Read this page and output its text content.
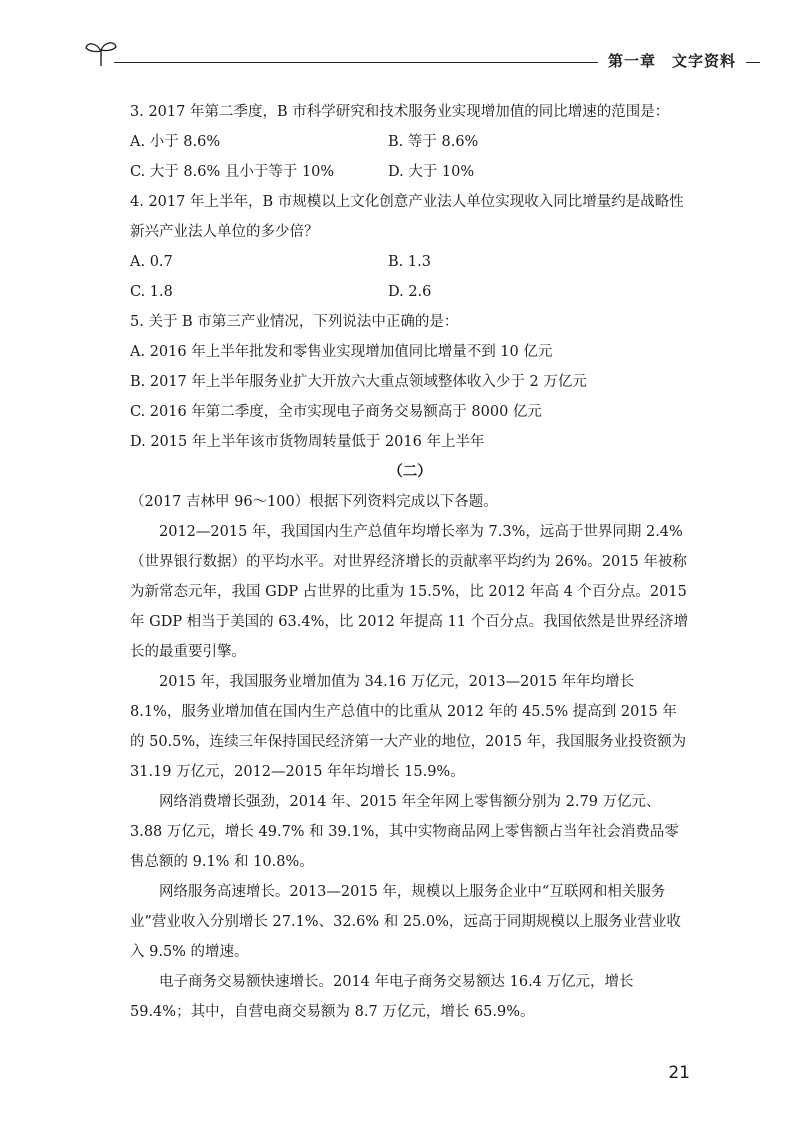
第一章　文字资料

3. 2017 年第二季度，B 市科学研究和技术服务业实现增加值的同比增速的范围是：

A. 小于 8.6%	B. 等于 8.6%
C. 大于 8.6% 且小于等于 10%	D. 大于 10%

4. 2017 年上半年，B 市规模以上文化创意产业法人单位实现收入同比增量约是战略性新兴产业法人单位的多少倍？

A. 0.7	B. 1.3
C. 1.8	D. 2.6

5. 关于 B 市第三产业情况，下列说法中正确的是：

A. 2016 年上半年批发和零售业实现增加值同比增量不到 10 亿元
B. 2017 年上半年服务业扩大开放六大重点领域整体收入少于 2 万亿元
C. 2016 年第二季度，全市实现电子商务交易额高于 8000 亿元
D. 2015 年上半年该市货物周转量低于 2016 年上半年

（二）

（2017 吉林甲 96～100）根据下列资料完成以下各题。

2012—2015 年，我国国内生产总值年均增长率为 7.3%，远高于世界同期 2.4%（世界银行数据）的平均水平。对世界经济增长的贡献率平均约为 26%。2015 年被称为新常态元年，我国 GDP 占世界的比重为 15.5%，比 2012 年高 4 个百分点。2015 年 GDP 相当于美国的 63.4%，比 2012 年提高 11 个百分点。我国依然是世界经济增长的最重要引擎。

2015 年，我国服务业增加值为 34.16 万亿元，2013—2015 年年均增长 8.1%，服务业增加值在国内生产总值中的比重从 2012 年的 45.5% 提高到 2015 年的 50.5%，连续三年保持国民经济第一大产业的地位，2015 年，我国服务业投资额为 31.19 万亿元，2012—2015 年年均增长 15.9%。

网络消费增长强劲，2014 年、2015 年全年网上零售额分别为 2.79 万亿元、3.88 万亿元，增长 49.7% 和 39.1%，其中实物商品网上零售额占当年社会消费品零售总额的 9.1% 和 10.8%。

网络服务高速增长。2013—2015 年，规模以上服务企业中“互联网和相关服务业”营业收入分别增长 27.1%、32.6% 和 25.0%，远高于同期规模以上服务业营业收入 9.5% 的增速。

电子商务交易额快速增长。2014 年电子商务交易额达 16.4 万亿元，增长 59.4%；其中，自营电商交易额为 8.7 万亿元，增长 65.9%。

21
